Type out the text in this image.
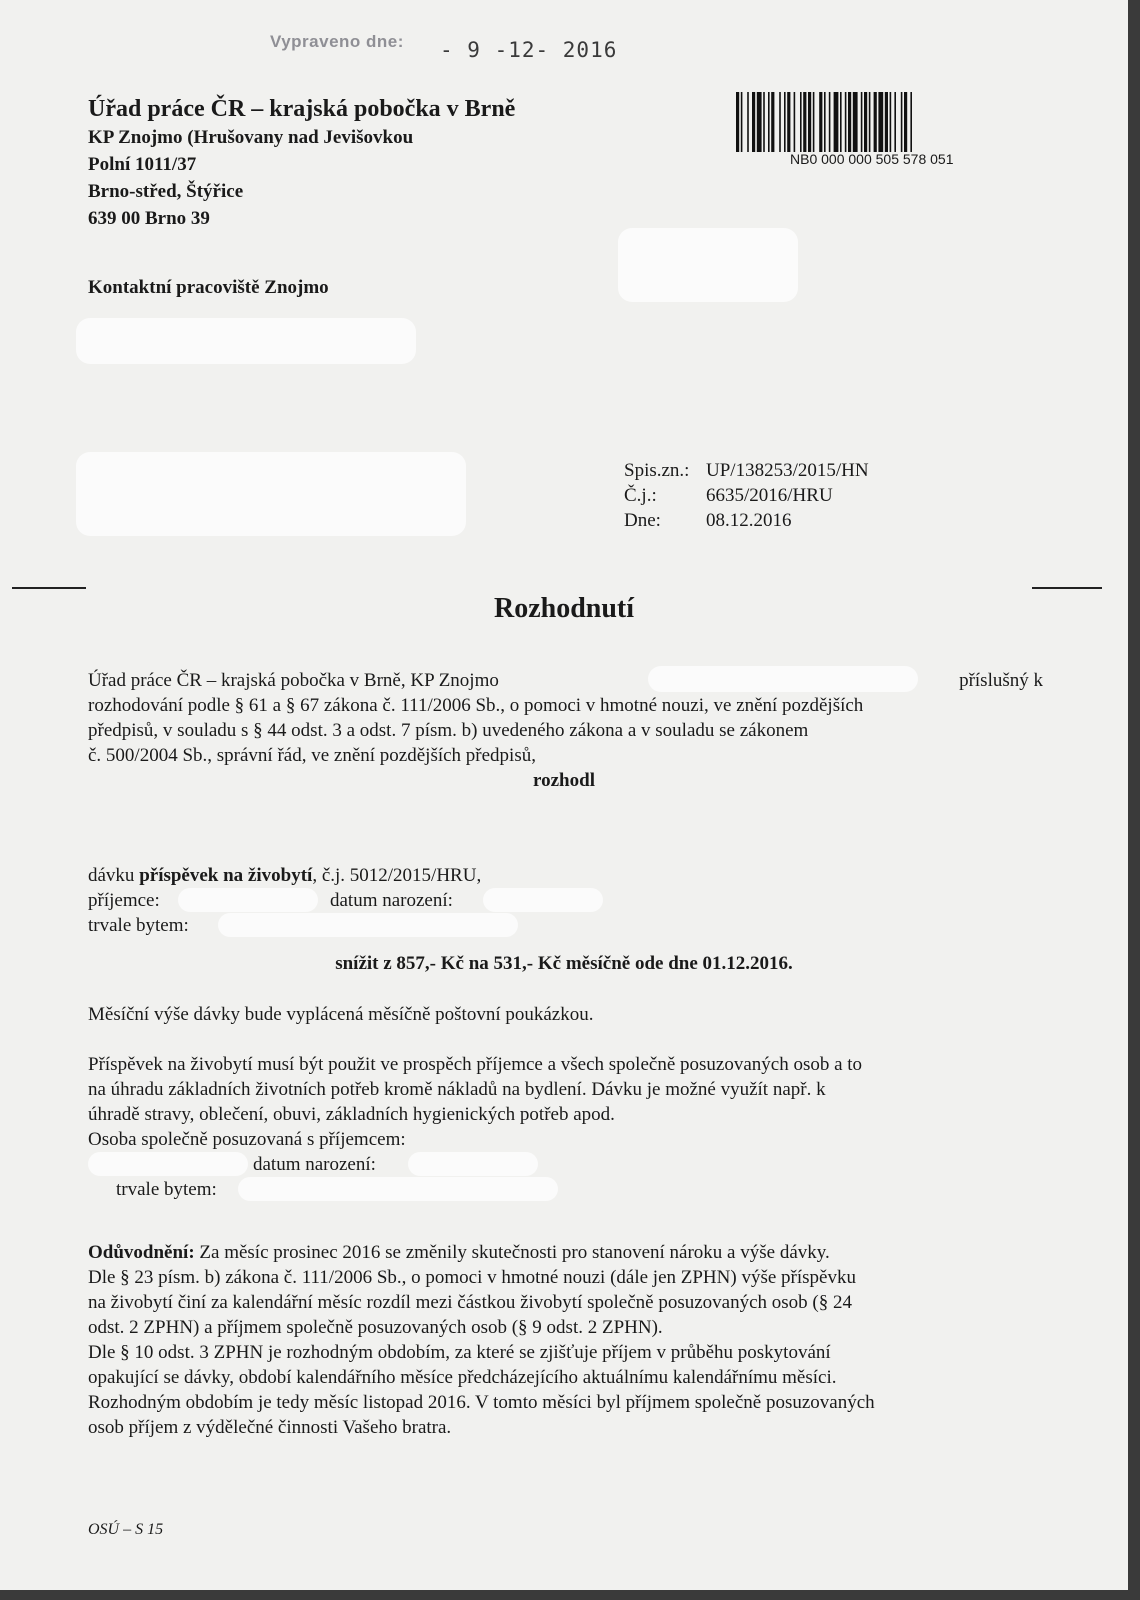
Vypraveno dne: - 9 -12- 2016
Úřad práce ČR – krajská pobočka v Brně
KP Znojmo (Hrušovany nad Jevišovkou
Polní 1011/37
Brno-střed, Štýřice
639 00 Brno 39
NB0 000 000 505 578 051
Kontaktní pracoviště Znojmo
Spis.zn.:	UP/138253/2015/HN
Č.j.:	6635/2016/HRU
Dne:	08.12.2016
Rozhodnutí
Úřad práce ČR – krajská pobočka v Brně, KP Znojmo	příslušný k
rozhodování podle § 61 a § 67 zákona č. 111/2006 Sb., o pomoci v hmotné nouzi, ve znění pozdějších
předpisů, v souladu s § 44 odst. 3 a odst. 7 písm. b) uvedeného zákona a v souladu se zákonem
č. 500/2004 Sb., správní řád, ve znění pozdějších předpisů,
rozhodl
dávku příspěvek na živobytí, č.j. 5012/2015/HRU,
příjemce:	datum narození:
trvale bytem:
snížit z 857,- Kč na 531,- Kč měsíčně ode dne 01.12.2016.
Měsíční výše dávky bude vyplácená měsíčně poštovní poukázkou.
Příspěvek na živobytí musí být použit ve prospěch příjemce a všech společně posuzovaných osob a to
na úhradu základních životních potřeb kromě nákladů na bydlení. Dávku je možné využít např. k
úhradě stravy, oblečení, obuvi, základních hygienických potřeb apod.
Osoba společně posuzovaná s příjemcem:
datum narození:
trvale bytem:
Odůvodnění: Za měsíc prosinec 2016 se změnily skutečnosti pro stanovení nároku a výše dávky.
Dle § 23 písm. b) zákona č. 111/2006 Sb., o pomoci v hmotné nouzi (dále jen ZPHN) výše příspěvku
na živobytí činí za kalendářní měsíc rozdíl mezi částkou živobytí společně posuzovaných osob (§ 24
odst. 2 ZPHN) a příjmem společně posuzovaných osob (§ 9 odst. 2 ZPHN).
Dle § 10 odst. 3 ZPHN je rozhodným obdobím, za které se zjišťuje příjem v průběhu poskytování
opakující se dávky, období kalendářního měsíce předcházejícího aktuálnímu kalendářnímu měsíci.
Rozhodným obdobím je tedy měsíc listopad 2016. V tomto měsíci byl příjmem společně posuzovaných
osob příjem z výdělečné činnosti Vašeho bratra.
OSÚ – S 15
